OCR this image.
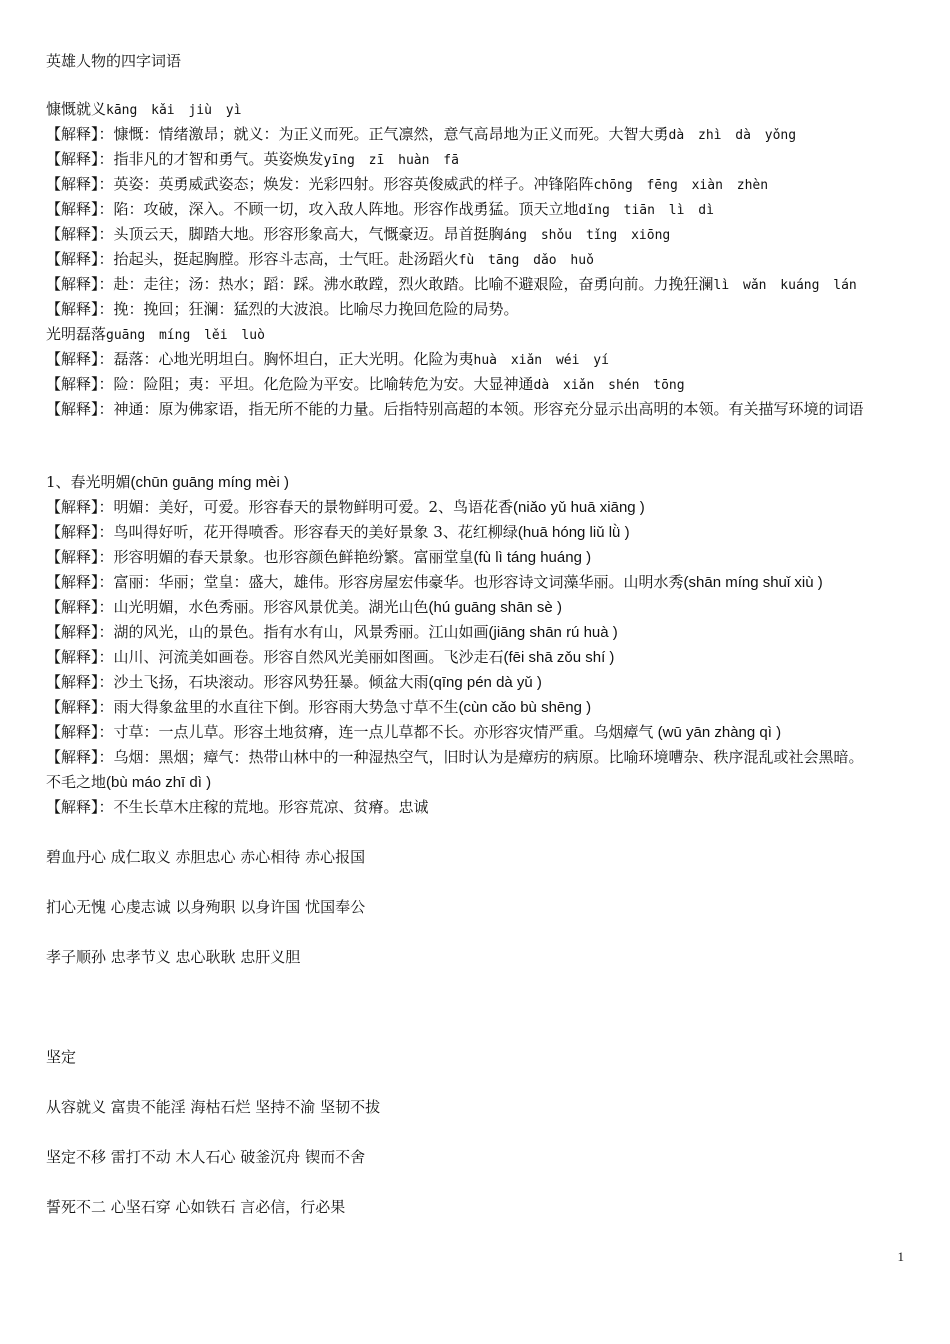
英雄人物的四字词语
慷慨就义kāng kǎi jiù yì
【解释】：慷慨：情绪激昂；就义：为正义而死。正气凛然，意气高昂地为正义而死。大智大勇dà zhì dà yǒng
【解释】：指非凡的才智和勇气。英姿焕发yīng zī huàn fā
【解释】：英姿：英勇威武姿态；焕发：光彩四射。形容英俊威武的样子。冲锋陷阵chōng fēng xiàn zhèn
【解释】：陷：攻破，深入。不顾一切，攻入敌人阵地。形容作战勇猛。顶天立地dǐng tiān lì dì
【解释】：头顶云天，脚踏大地。形容形象高大，气慨豪迈。昂首挺胸áng shǒu tǐng xiōng
【解释】：抬起头，挺起胸膛。形容斗志高，士气旺。赴汤蹈火fù tāng dǎo huǒ
【解释】：赴：走往；汤：热水；蹈：踩。沸水敢蹚，烈火敢踏。比喻不避艰险，奋勇向前。力挽狂澜lì wǎn kuáng lán
【解释】：挽：挽回；狂澜：猛烈的大波浪。比喻尽力挽回危险的局势。
光明磊落guāng míng lěi luò
【解释】：磊落：心地光明坦白。胸怀坦白，正大光明。化险为夷huà xiǎn wéi yí
【解释】：险：险阻；夷：平坦。化危险为平安。比喻转危为安。大显神通dà xiǎn shén tōng
【解释】：神通：原为佛家语，指无所不能的力量。后指特别高超的本领。形容充分显示出高明的本领。有关描写环境的词语
1、春光明媚(chūn guāng míng mèi )
【解释】：明媚：美好，可爱。形容春天的景物鲜明可爱。2、鸟语花香(niǎo yǔ huā xiāng )
【解释】：鸟叫得好听，花开得喷香。形容春天的美好景象 3、花红柳绿(huā hóng liǔ lǜ )
【解释】：形容明媚的春天景象。也形容颜色鲜艳纷繁。富丽堂皇(fù lì táng huáng )
【解释】：富丽：华丽；堂皇：盛大，雄伟。形容房屋宏伟豪华。也形容诗文词藻华丽。山明水秀(shān míng shuǐ xiù )
【解释】：山光明媚，水色秀丽。形容风景优美。湖光山色(hú guāng shān sè )
【解释】：湖的风光，山的景色。指有水有山，风景秀丽。江山如画(jiāng shān rú huà )
【解释】：山川、河流美如画卷。形容自然风光美丽如图画。飞沙走石(fēi shā zǒu shí )
【解释】：沙土飞扬，石块滚动。形容风势狂暴。倾盆大雨(qīng pén dà yǔ )
【解释】：雨大得象盆里的水直往下倒。形容雨大势急寸草不生(cùn cǎo bù shēng )
【解释】：寸草：一点儿草。形容土地贫瘠，连一点儿草都不长。亦形容灾情严重。乌烟瘴气 (wū yān zhàng qì )
【解释】：乌烟：黑烟；瘴气：热带山林中的一种湿热空气，旧时认为是瘴疠的病原。比喻环境嘈杂、秩序混乱或社会黑暗。
不毛之地(bù máo zhī dì )
【解释】：不生长草木庄稼的荒地。形容荒凉、贫瘠。忠诚
碧血丹心 成仁取义 赤胆忠心 赤心相待 赤心报国
扪心无愧 心虔志诚 以身殉职 以身许国 忧国奉公
孝子顺孙 忠孝节义 忠心耿耿 忠肝义胆
坚定
从容就义 富贵不能淫 海枯石烂 坚持不渝 坚韧不拔
坚定不移 雷打不动 木人石心 破釜沉舟 锲而不舍
誓死不二 心坚石穿 心如铁石 言必信，行必果
1
